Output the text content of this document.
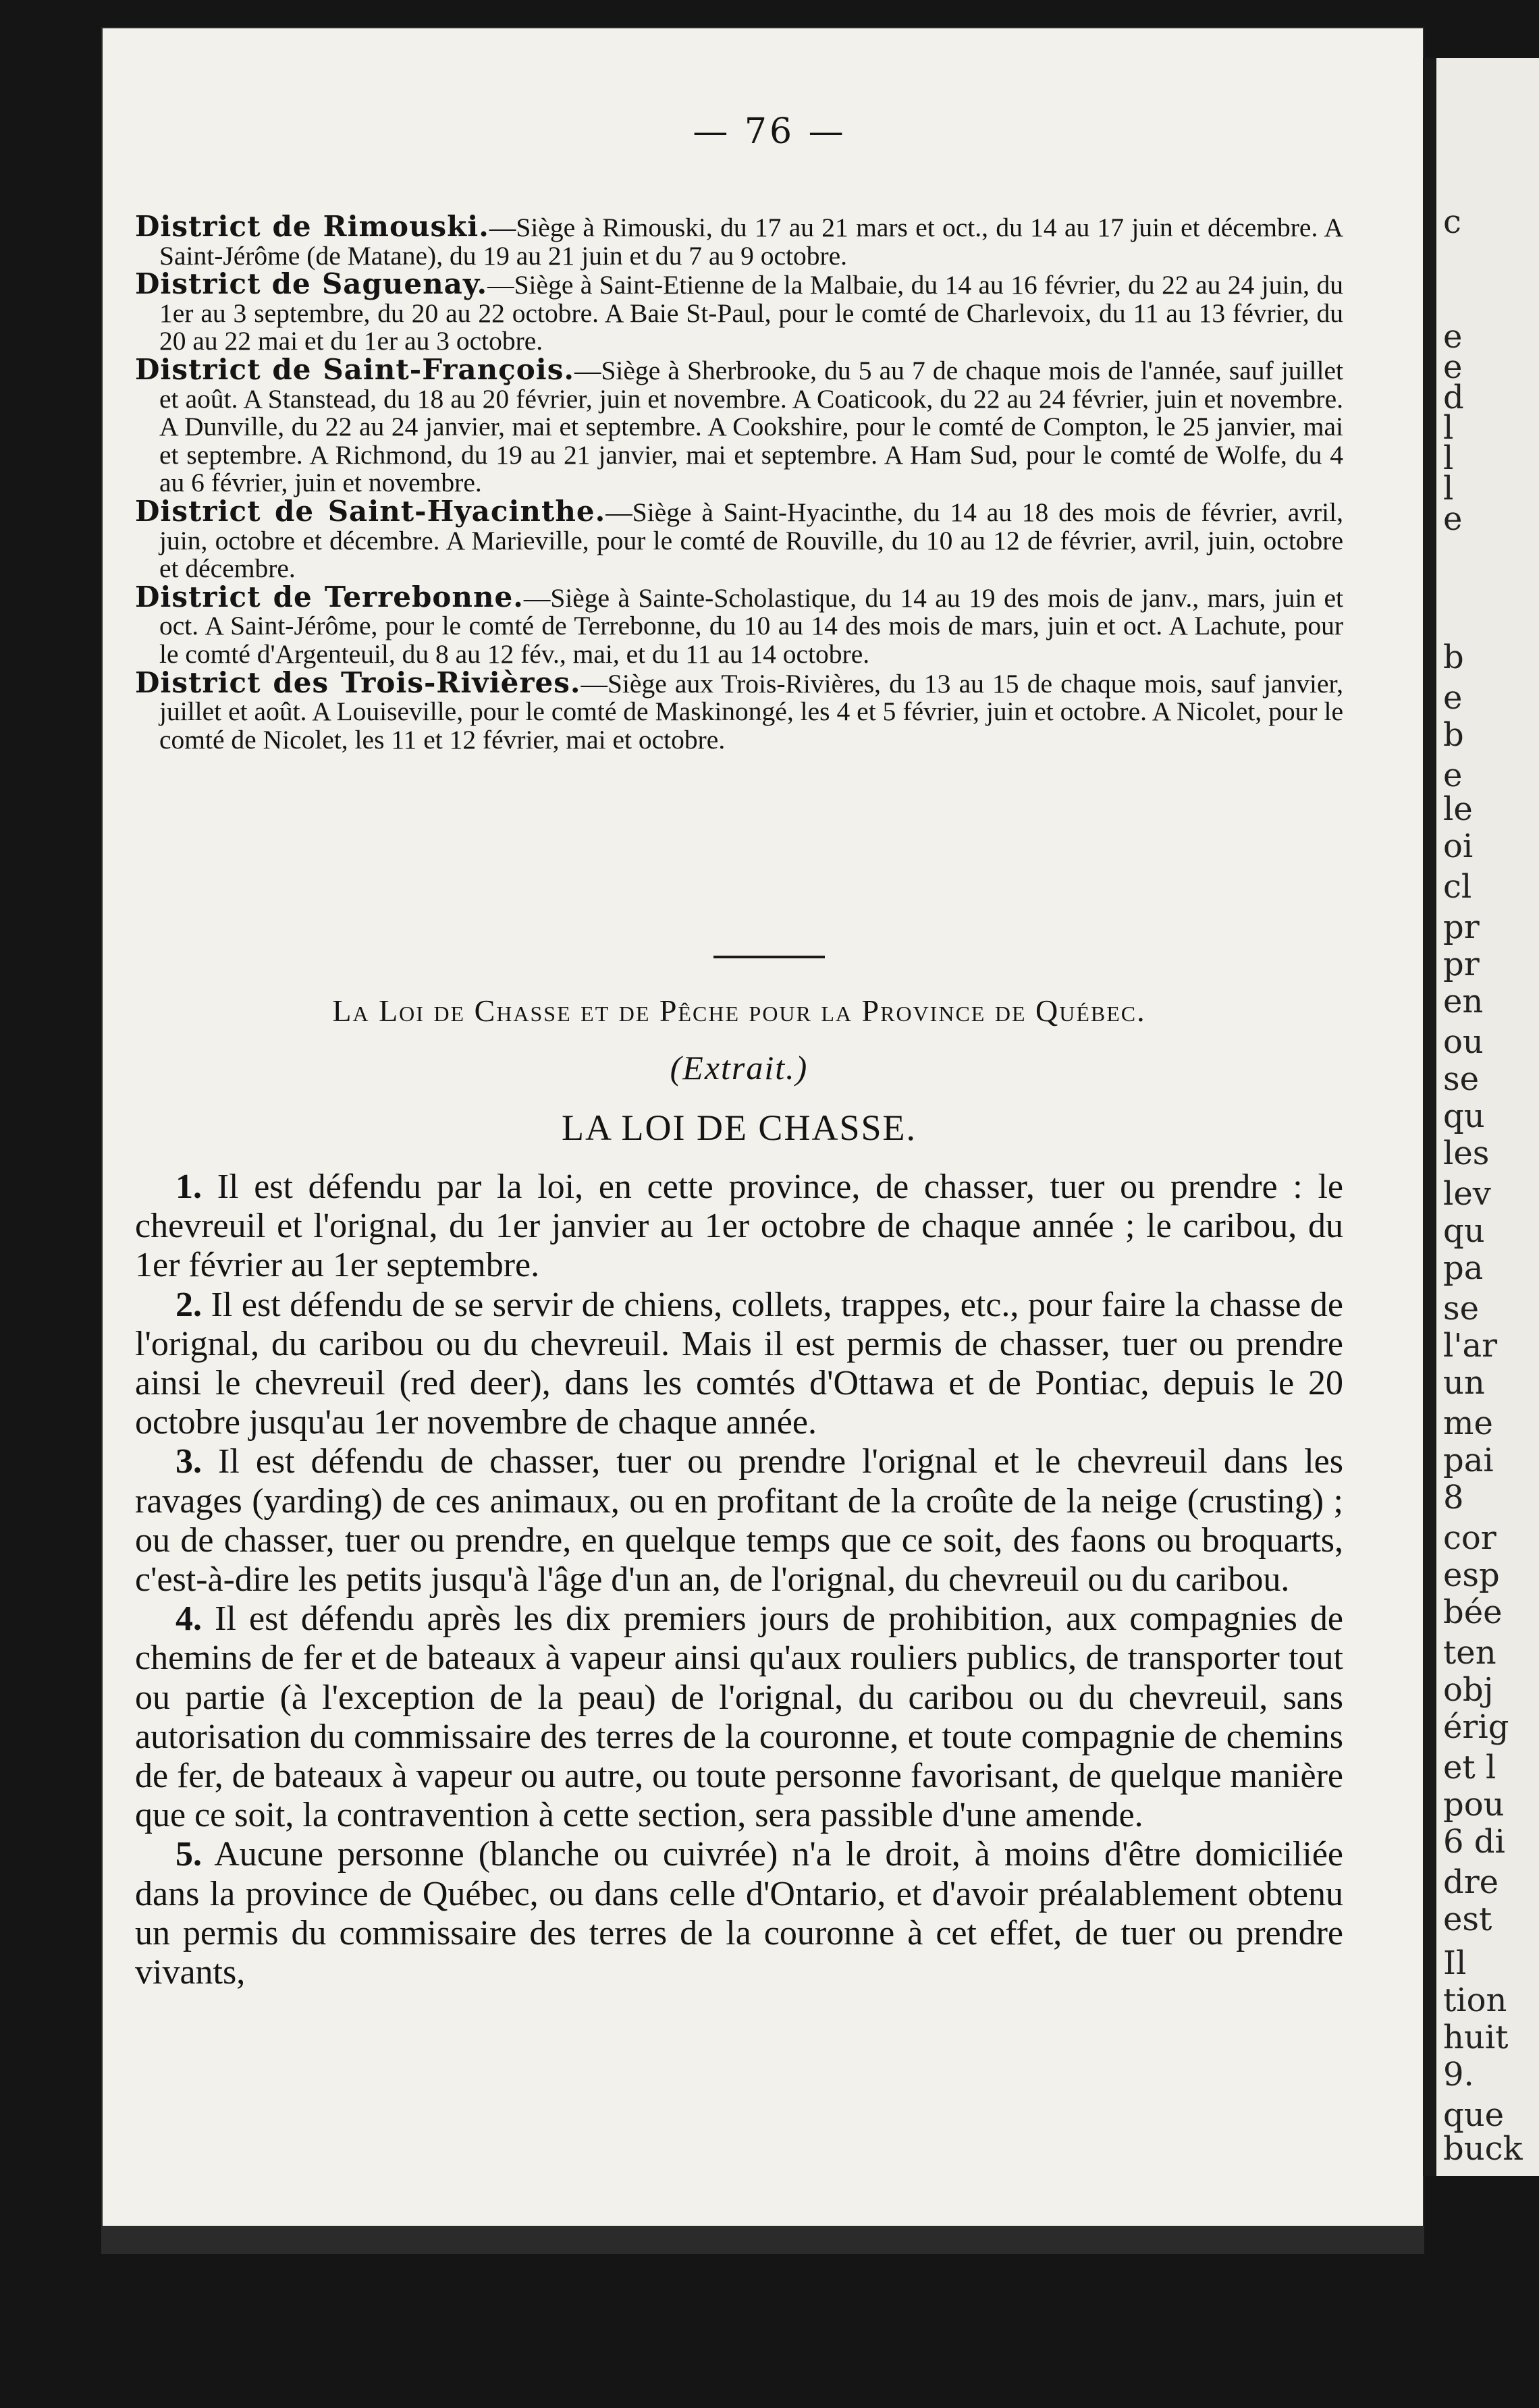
c
e
e
d
l
l
l
e
b
e
b
e
le
oi
cl
pr
pr
en
ou
se
qu
les
lev
qu
pa
se
l'ar
un
me
pai
8
cor
esp
bée
ten
obj
érig
et l
pou
6 di
dre
est
Il
tion
huit
9.
que
buck
— 76 —

District de Rimouski.—Siège à Rimouski, du 17 au 21 mars et oct., du 14 au 17 juin et décembre. A Saint-Jérôme (de Matane), du 19 au 21 juin et du 7 au 9 octobre.

District de Saguenay.—Siège à Saint-Etienne de la Malbaie, du 14 au 16 février, du 22 au 24 juin, du 1er au 3 septembre, du 20 au 22 octobre. A Baie St-Paul, pour le comté de Charlevoix, du 11 au 13 février, du 20 au 22 mai et du 1er au 3 octobre.

District de Saint-François.—Siège à Sherbrooke, du 5 au 7 de chaque mois de l'année, sauf juillet et août. A Stanstead, du 18 au 20 février, juin et novembre. A Coaticook, du 22 au 24 février, juin et novembre. A Dunville, du 22 au 24 janvier, mai et septembre. A Cookshire, pour le comté de Compton, le 25 janvier, mai et septembre. A Richmond, du 19 au 21 janvier, mai et septembre. A Ham Sud, pour le comté de Wolfe, du 4 au 6 février, juin et novembre.

District de Saint-Hyacinthe.—Siège à Saint-Hyacinthe, du 14 au 18 des mois de février, avril, juin, octobre et décembre. A Marieville, pour le comté de Rouville, du 10 au 12 de février, avril, juin, octobre et décembre.

District de Terrebonne.—Siège à Sainte-Scholastique, du 14 au 19 des mois de janv., mars, juin et oct. A Saint-Jérôme, pour le comté de Terrebonne, du 10 au 14 des mois de mars, juin et oct. A Lachute, pour le comté d'Argenteuil, du 8 au 12 fév., mai, et du 11 au 14 octobre.

District des Trois-Rivières.—Siège aux Trois-Rivières, du 13 au 15 de chaque mois, sauf janvier, juillet et août. A Louiseville, pour le comté de Maskinongé, les 4 et 5 février, juin et octobre. A Nicolet, pour le comté de Nicolet, les 11 et 12 février, mai et octobre.

La Loi de Chasse et de Pêche pour la Province de Québec.
(Extrait.)
LA LOI DE CHASSE.

1. Il est défendu par la loi, en cette province, de chasser, tuer ou prendre : le chevreuil et l'orignal, du 1er janvier au 1er octobre de chaque année ; le caribou, du 1er février au 1er septembre.

2. Il est défendu de se servir de chiens, collets, trappes, etc., pour faire la chasse de l'orignal, du caribou ou du chevreuil. Mais il est permis de chasser, tuer ou prendre ainsi le chevreuil (red deer), dans les comtés d'Ottawa et de Pontiac, depuis le 20 octobre jusqu'au 1er novembre de chaque année.

3. Il est défendu de chasser, tuer ou prendre l'orignal et le chevreuil dans les ravages (yarding) de ces animaux, ou en profitant de la croûte de la neige (crusting) ; ou de chasser, tuer ou prendre, en quelque temps que ce soit, des faons ou broquarts, c'est-à-dire les petits jusqu'à l'âge d'un an, de l'orignal, du chevreuil ou du caribou.

4. Il est défendu après les dix premiers jours de prohibition, aux compagnies de chemins de fer et de bateaux à vapeur ainsi qu'aux rouliers publics, de transporter tout ou partie (à l'exception de la peau) de l'orignal, du caribou ou du chevreuil, sans autorisation du commissaire des terres de la couronne, et toute compagnie de chemins de fer, de bateaux à vapeur ou autre, ou toute personne favorisant, de quelque manière que ce soit, la contravention à cette section, sera passible d'une amende.

5. Aucune personne (blanche ou cuivrée) n'a le droit, à moins d'être domiciliée dans la province de Québec, ou dans celle d'Ontario, et d'avoir préalablement obtenu un permis du commissaire des terres de la couronne à cet effet, de tuer ou prendre vivants,
